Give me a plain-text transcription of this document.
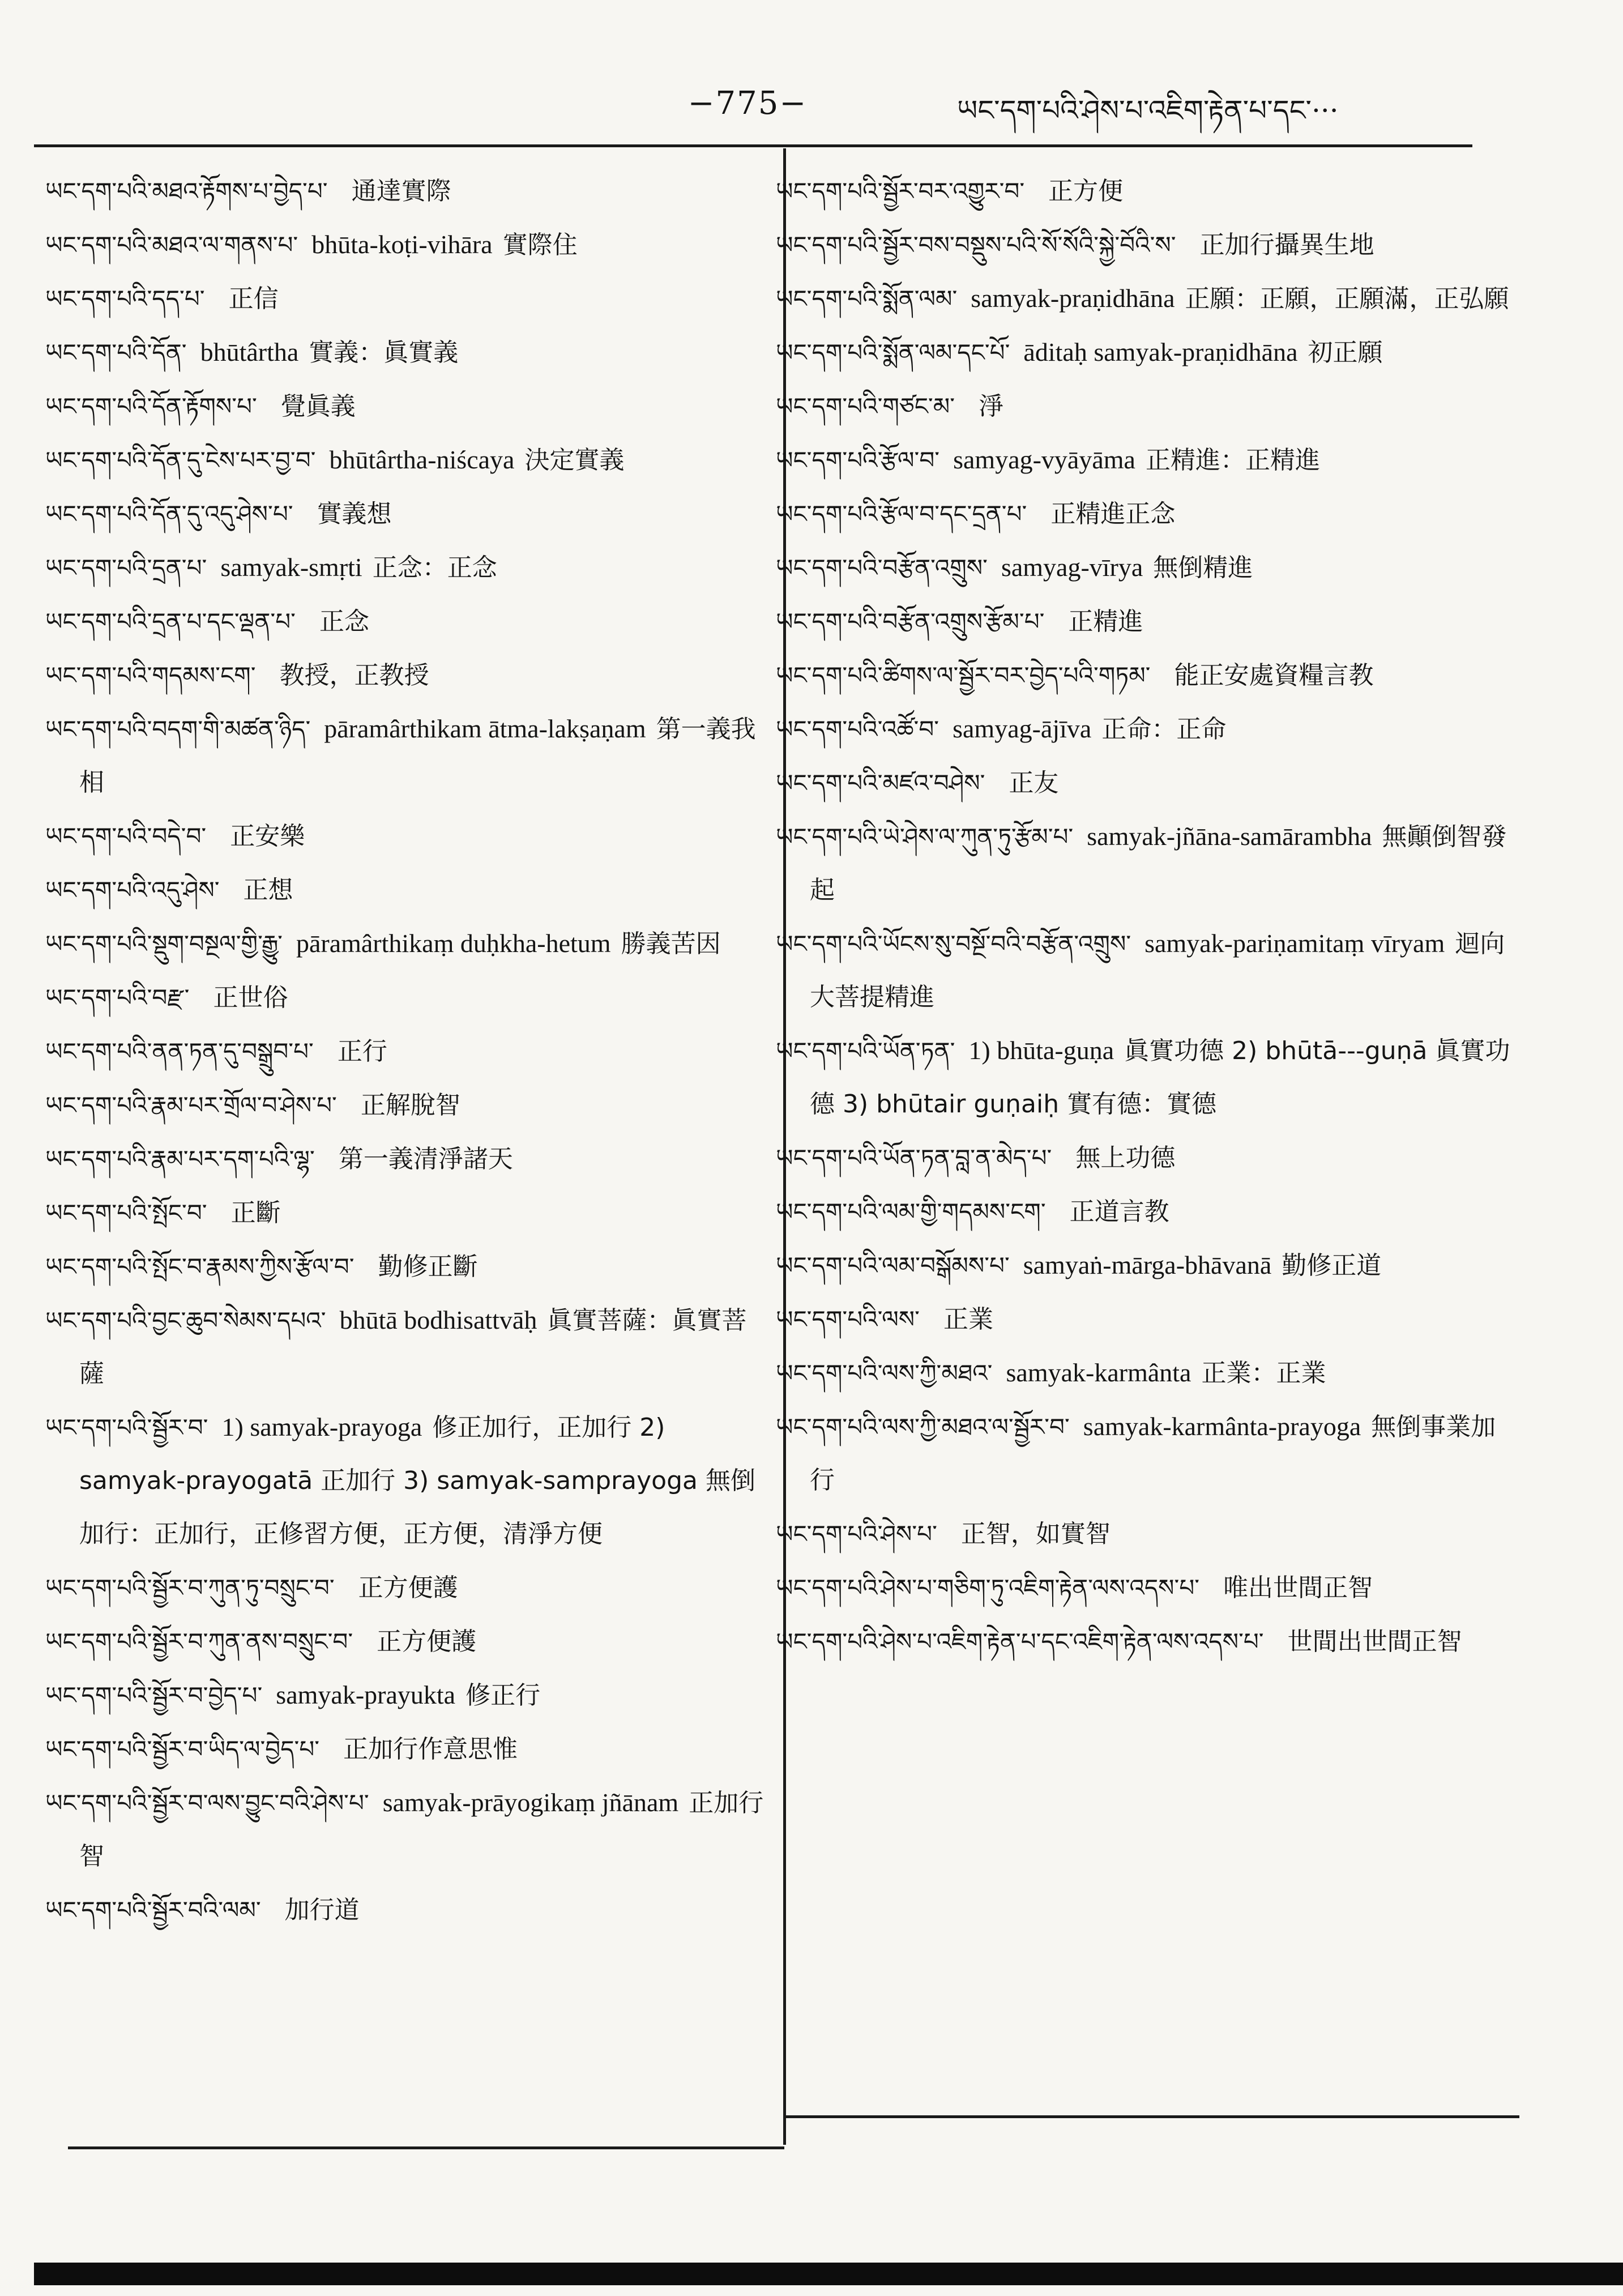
−775−	ཡང་དག་པའི་ཤེས་པ་འཇིག་རྟེན་པ་དང་···

ཡང་དག་པའི་མཐའ་རྟོགས་པ་བྱེད་པ་ 通達實際

ཡང་དག་པའི་མཐའ་ལ་གནས་པ་ bhūta-koṭi-vihāra 實際住

ཡང་དག་པའི་དད་པ་ 正信

ཡང་དག་པའི་དོན་ bhūtârtha 實義：眞實義

ཡང་དག་པའི་དོན་རྟོགས་པ་ 覺眞義

ཡང་དག་པའི་དོན་དུ་ངེས་པར་བྱ་བ་ bhūtârtha-niścaya 決定實義

ཡང་དག་པའི་དོན་དུ་འདུ་ཤེས་པ་ 實義想

ཡང་དག་པའི་དྲན་པ་ samyak-smṛti 正念：正念

ཡང་དག་པའི་དྲན་པ་དང་ལྡན་པ་ 正念

ཡང་དག་པའི་གདམས་ངག་ 教授，正教授

ཡང་དག་པའི་བདག་གི་མཚན་ཉིད་ pāramârthikam ātma-lakṣaṇam 第一義我相

ཡང་དག་པའི་བདེ་བ་ 正安樂

ཡང་དག་པའི་འདུ་ཤེས་ 正想

ཡང་དག་པའི་སྡུག་བསྔལ་གྱི་རྒྱུ་ pāramârthikaṃ duḥkha-hetum 勝義苦因

ཡང་དག་པའི་བརྫ་ 正世俗

ཡང་དག་པའི་ནན་ཏན་དུ་བསྒྲུབ་པ་ 正行

ཡང་དག་པའི་རྣམ་པར་གྲོལ་བ་ཤེས་པ་ 正解脫智

ཡང་དག་པའི་རྣམ་པར་དག་པའི་ལྷ་ 第一義清淨諸天

ཡང་དག་པའི་སྤོང་བ་ 正斷

ཡང་དག་པའི་སྤོང་བ་རྣམས་ཀྱིས་རྩོལ་བ་ 勤修正斷

ཡང་དག་པའི་བྱང་ཆུབ་སེམས་དཔའ་ bhūtā bodhisattvāḥ 眞實菩薩：眞實菩薩

ཡང་དག་པའི་སྦྱོར་བ་ 1) samyak-prayoga 修正加行，正加行 2) samyak-prayogatā 正加行 3) samyak-samprayoga 無倒加行：正加行，正修習方便，正方便，清淨方便

ཡང་དག་པའི་སྦྱོར་བ་ཀུན་ཏུ་བསྲུང་བ་ 正方便護

ཡང་དག་པའི་སྦྱོར་བ་ཀུན་ནས་བསྲུང་བ་ 正方便護

ཡང་དག་པའི་སྦྱོར་བ་བྱེད་པ་ samyak-prayukta 修正行

ཡང་དག་པའི་སྦྱོར་བ་ཡིད་ལ་བྱེད་པ་ 正加行作意思惟

ཡང་དག་པའི་སྦྱོར་བ་ལས་བྱུང་བའི་ཤེས་པ་ samyak-prāyogikaṃ jñānam 正加行智

ཡང་དག་པའི་སྦྱོར་བའི་ལམ་ 加行道

ཡང་དག་པའི་སྦྱོར་བར་འགྱུར་བ་ 正方便

ཡང་དག་པའི་སྦྱོར་བས་བསྡུས་པའི་སོ་སོའི་སྐྱེ་བོའི་ས་ 正加行攝異生地

ཡང་དག་པའི་སྨོན་ལམ་ samyak-praṇidhāna 正願：正願，正願滿，正弘願

ཡང་དག་པའི་སྨོན་ལམ་དང་པོ་ āditaḥ samyak-praṇidhāna 初正願

ཡང་དག་པའི་གཙང་མ་ 淨

ཡང་དག་པའི་རྩོལ་བ་ samyag-vyāyāma 正精進：正精進

ཡང་དག་པའི་རྩོལ་བ་དང་དྲན་པ་ 正精進正念

ཡང་དག་པའི་བརྩོན་འགྲུས་ samyag-vīrya 無倒精進

ཡང་དག་པའི་བརྩོན་འགྲུས་རྩོམ་པ་ 正精進

ཡང་དག་པའི་ཚིགས་ལ་སྦྱོར་བར་བྱེད་པའི་གཏམ་ 能正安處資糧言教

ཡང་དག་པའི་འཚོ་བ་ samyag-ājīva 正命：正命

ཡང་དག་པའི་མཛའ་བཤེས་ 正友

ཡང་དག་པའི་ཡེ་ཤེས་ལ་ཀུན་ཏུ་རྩོམ་པ་ samyak-jñāna-samārambha 無顚倒智發起

ཡང་དག་པའི་ཡོངས་སུ་བསྔོ་བའི་བརྩོན་འགྲུས་ samyak-pariṇamitaṃ vīryam 迴向大菩提精進

ཡང་དག་པའི་ཡོན་ཏན་ 1) bhūta-guṇa 眞實功德 2) bhūtā---guṇā 眞實功德 3) bhūtair guṇaiḥ 實有德：實德

ཡང་དག་པའི་ཡོན་ཏན་བླ་ན་མེད་པ་ 無上功德

ཡང་དག་པའི་ལམ་གྱི་གདམས་ངག་ 正道言教

ཡང་དག་པའི་ལམ་བསྒོམས་པ་ samyaṅ-mārga-bhāvanā 勤修正道

ཡང་དག་པའི་ལས་ 正業

ཡང་དག་པའི་ལས་ཀྱི་མཐའ་ samyak-karmânta 正業：正業

ཡང་དག་པའི་ལས་ཀྱི་མཐའ་ལ་སྦྱོར་བ་ samyak-karmânta-prayoga 無倒事業加行

ཡང་དག་པའི་ཤེས་པ་ 正智，如實智

ཡང་དག་པའི་ཤེས་པ་གཅིག་ཏུ་འཇིག་རྟེན་ལས་འདས་པ་ 唯出世間正智

ཡང་དག་པའི་ཤེས་པ་འཇིག་རྟེན་པ་དང་འཇིག་རྟེན་ལས་འདས་པ་ 世間出世間正智
